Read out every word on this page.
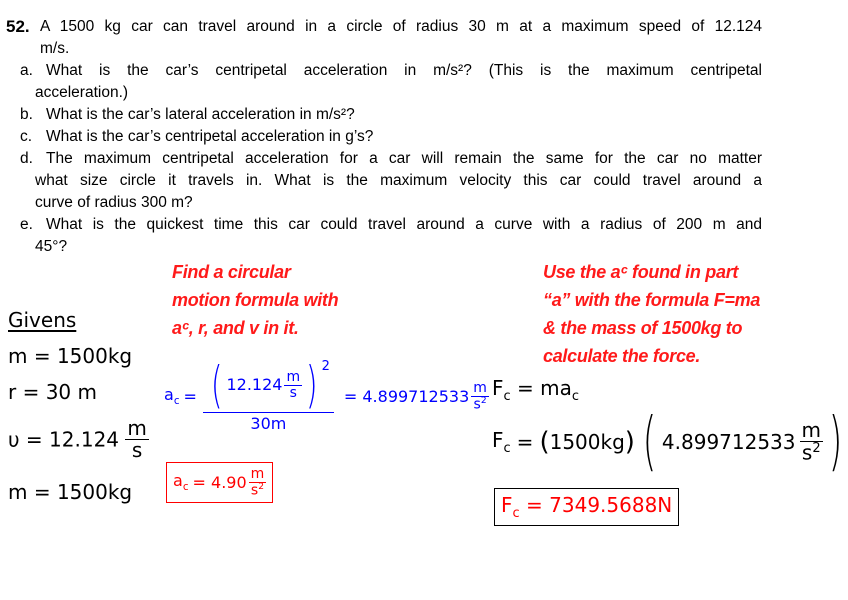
52. A 1500 kg car can travel around in a circle of radius 30 m at a maximum speed of 12.124
m/s.
a. What is the car’s centripetal acceleration in m/s²? (This is the maximum centripetal
acceleration.)
b. What is the car’s lateral acceleration in m/s²?
c. What is the car’s centripetal acceleration in g’s?
d. The maximum centripetal acceleration for a car will remain the same for the car no matter
what size circle it travels in. What is the maximum velocity this car could travel around a
curve of radius 300 m?
e. What is the quickest time this car could travel around a curve with a radius of 200 m and
45°?
Find a circular
motion formula with
aᶜ, r, and v in it.
Use the aᶜ found in part
“a” with the formula F=ma
& the mass of 1500kg to
calculate the force.
Givens
m = 1500kg
r = 30 m
$\upsilon = 12.124 \frac{m}{s}$
m = 1500kg
$a_c$ = ( $12.124 \frac{m}{s}$ ) $^2$
30m
= $4.899712533 \frac{m}{s^2}$
$a_c = 4.90 \frac{m}{s^2}$
$F_c = ma_c$
$F_c$ = ( 1500kg ) ( $4.899712533 \frac{m}{s^2}$ )
$F_c = 7349.5688N$
